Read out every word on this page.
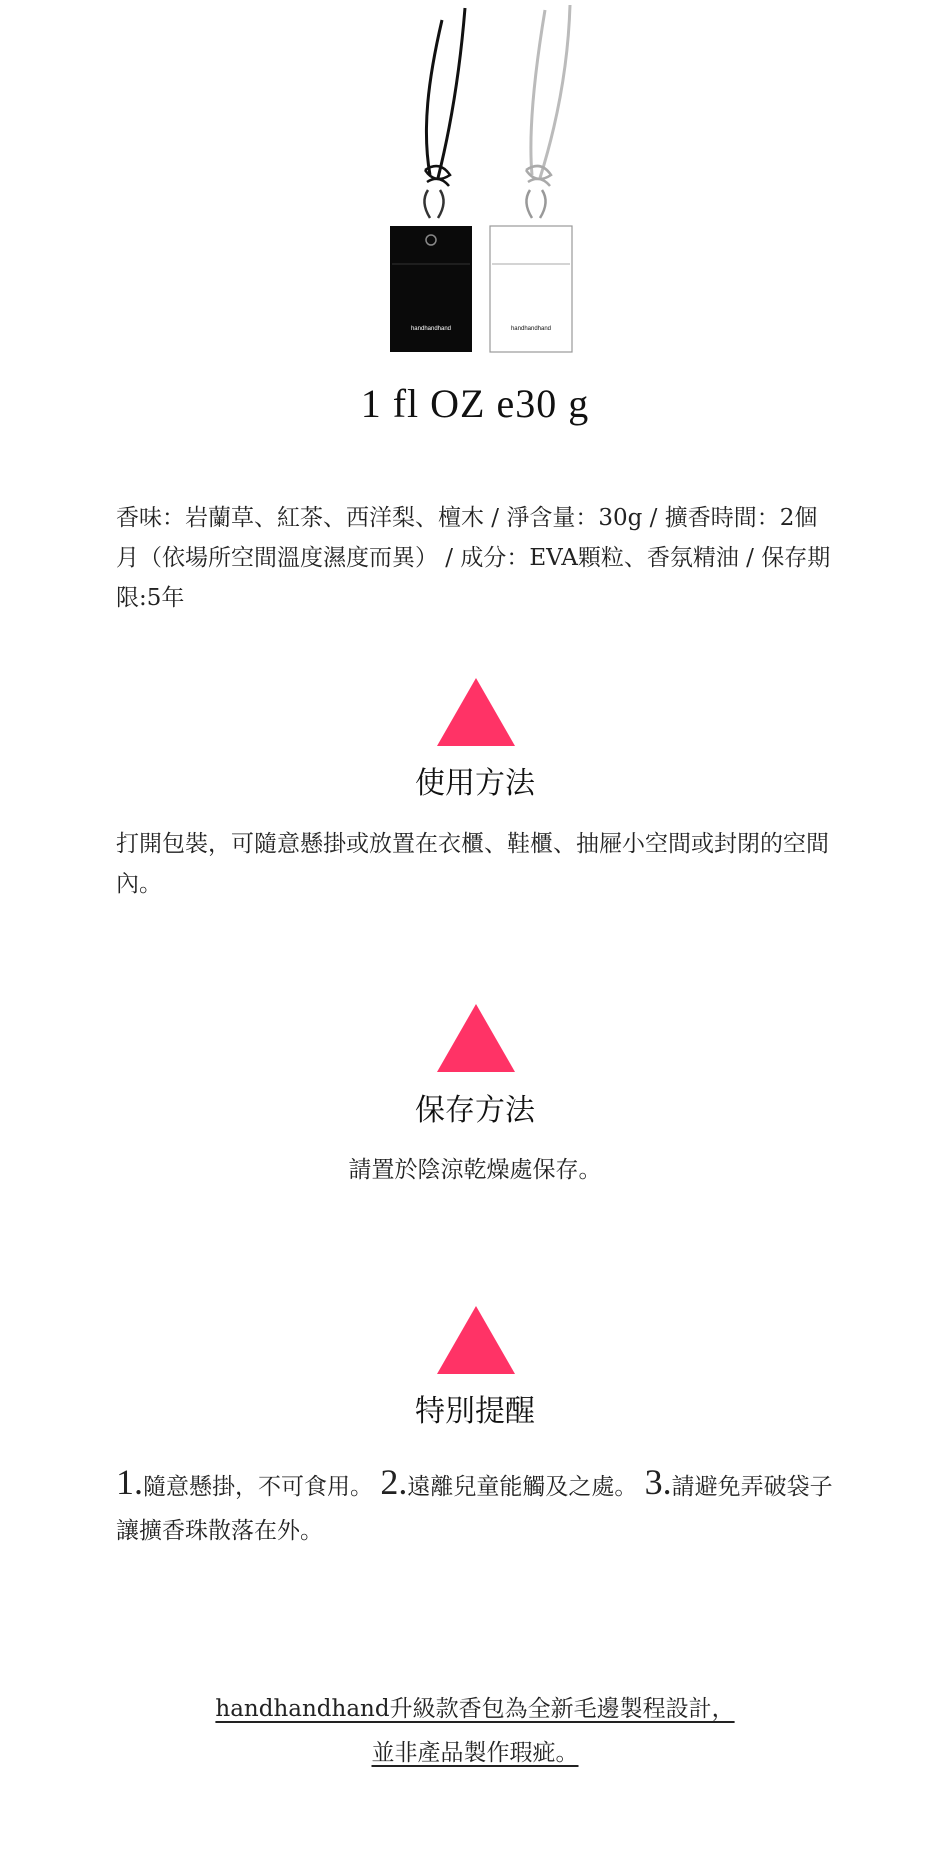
handhandhand	handhandhand
1 fl OZ e30 g
香味：岩蘭草、紅茶、西洋梨、檀木 / 淨含量：30g / 擴香時間：2個月（依場所空間溫度濕度而異） / 成分：EVA顆粒、香氛精油 / 保存期限:5年
使用方法
打開包裝，可隨意懸掛或放置在衣櫃、鞋櫃、抽屜小空間或封閉的空間內。
保存方法
請置於陰涼乾燥處保存。
特別提醒
1.隨意懸掛，不可食用。 2.遠離兒童能觸及之處。 3.請避免弄破袋子讓擴香珠散落在外。
handhandhand升級款香包為全新毛邊製程設計，
並非產品製作瑕疵。
